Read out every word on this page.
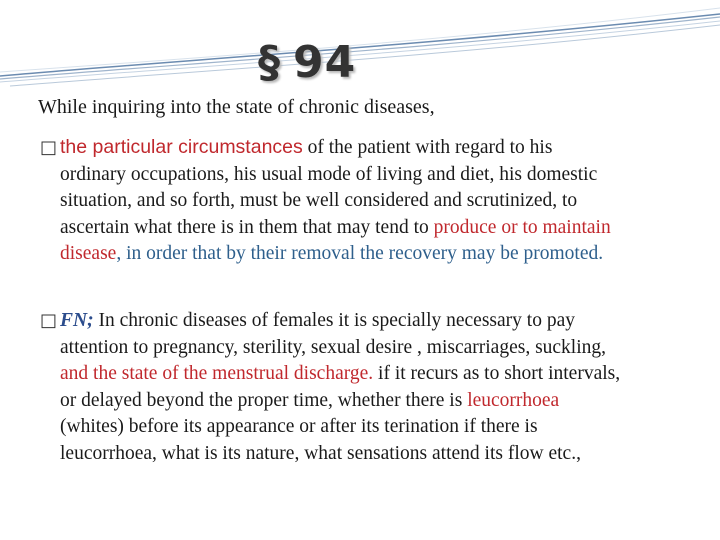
§ 94
While inquiring into the state of chronic diseases,
□ the particular circumstances of the patient with regard to his
ordinary occupations, his usual mode of living and diet, his domestic
situation, and so forth, must be well considered and scrutinized, to
ascertain what there is in them that may tend to produce or to maintain
disease, in order that by their removal the recovery may be promoted.
□ FN; In chronic diseases of females it is specially necessary to pay
attention to pregnancy, sterility, sexual desire , miscarriages, suckling,
and the state of the menstrual discharge. if it recurs as to short intervals,
or delayed beyond the proper time, whether there is leucorrhoea
(whites) before its appearance or after its terination if there is
leucorrhoea, what is its nature, what sensations attend its flow etc.,
